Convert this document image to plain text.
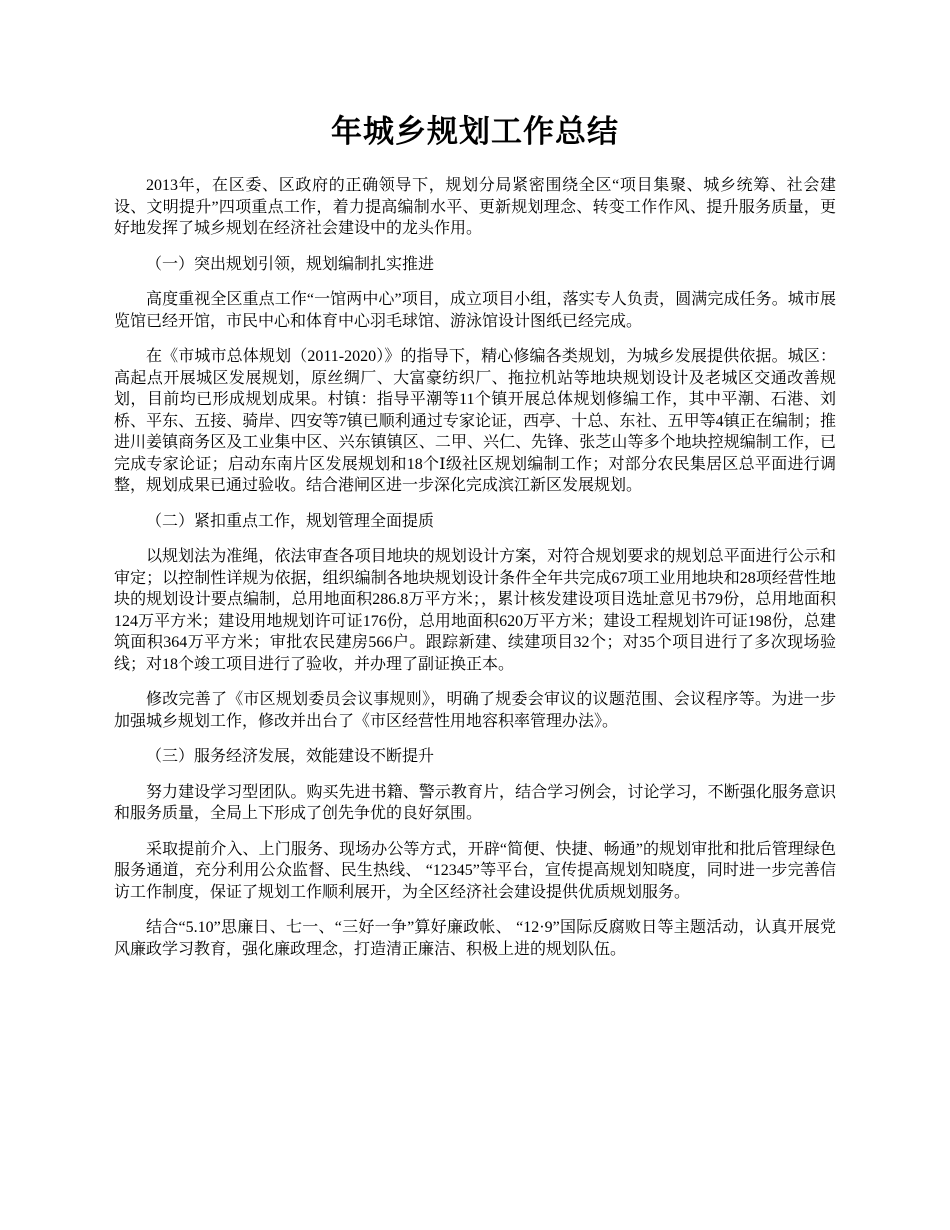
年城乡规划工作总结

2013年，在区委、区政府的正确领导下，规划分局紧密围绕全区“项目集聚、城乡统筹、社会建设、文明提升”四项重点工作，着力提高编制水平、更新规划理念、转变工作作风、提升服务质量，更好地发挥了城乡规划在经济社会建设中的龙头作用。

（一）突出规划引领，规划编制扎实推进

高度重视全区重点工作“一馆两中心”项目，成立项目小组，落实专人负责，圆满完成任务。城市展览馆已经开馆，市民中心和体育中心羽毛球馆、游泳馆设计图纸已经完成。

在《市城市总体规划（2011-2020）》的指导下，精心修编各类规划，为城乡发展提供依据。城区：高起点开展城区发展规划，原丝绸厂、大富豪纺织厂、拖拉机站等地块规划设计及老城区交通改善规划，目前均已形成规划成果。村镇：指导平潮等11个镇开展总体规划修编工作，其中平潮、石港、刘桥、平东、五接、骑岸、四安等7镇已顺利通过专家论证，西亭、十总、东社、五甲等4镇正在编制；推进川姜镇商务区及工业集中区、兴东镇镇区、二甲、兴仁、先锋、张芝山等多个地块控规编制工作，已完成专家论证；启动东南片区发展规划和18个Ⅰ级社区规划编制工作；对部分农民集居区总平面进行调整，规划成果已通过验收。结合港闸区进一步深化完成滨江新区发展规划。

（二）紧扣重点工作，规划管理全面提质

以规划法为准绳，依法审查各项目地块的规划设计方案，对符合规划要求的规划总平面进行公示和审定；以控制性详规为依据，组织编制各地块规划设计条件全年共完成67项工业用地块和28项经营性地块的规划设计要点编制，总用地面积286.8万平方米；，累计核发建设项目选址意见书79份，总用地面积124万平方米；建设用地规划许可证176份，总用地面积620万平方米；建设工程规划许可证198份，总建筑面积364万平方米；审批农民建房566户。跟踪新建、续建项目32个；对35个项目进行了多次现场验线；对18个竣工项目进行了验收，并办理了副证换正本。

修改完善了《市区规划委员会议事规则》，明确了规委会审议的议题范围、会议程序等。为进一步加强城乡规划工作，修改并出台了《市区经营性用地容积率管理办法》。

（三）服务经济发展，效能建设不断提升

努力建设学习型团队。购买先进书籍、警示教育片，结合学习例会，讨论学习，不断强化服务意识和服务质量，全局上下形成了创先争优的良好氛围。

采取提前介入、上门服务、现场办公等方式，开辟“简便、快捷、畅通”的规划审批和批后管理绿色服务通道，充分利用公众监督、民生热线、 “12345”等平台，宣传提高规划知晓度，同时进一步完善信访工作制度，保证了规划工作顺利展开，为全区经济社会建设提供优质规划服务。

结合“5.10”思廉日、七一、“三好一争”算好廉政帐、 “12·9”国际反腐败日等主题活动，认真开展党风廉政学习教育，强化廉政理念，打造清正廉洁、积极上进的规划队伍。
